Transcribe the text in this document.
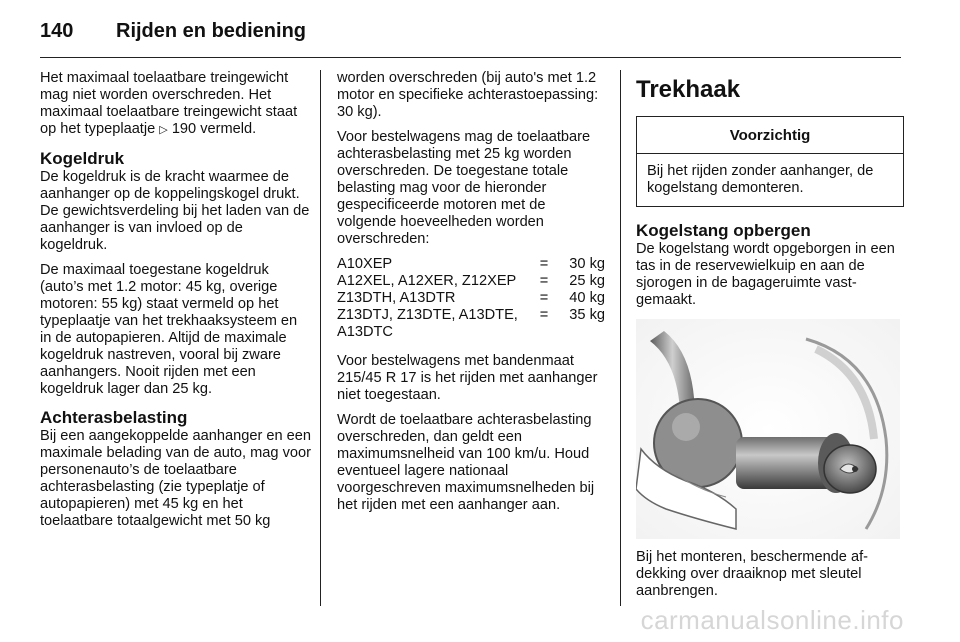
140 Rijden en bediening

Het maximaal toelaatbare treingewicht mag niet worden overschreden. Het maximaal toelaatbare treingewicht staat op het typeplaatje ▷ 190 vermeld.

Kogeldruk

De kogeldruk is de kracht waarmee de aanhanger op de koppelingskogel drukt. De gewichtsverdeling bij het laden van de aanhanger is van invloed op de kogeldruk.

De maximaal toegestane kogeldruk (auto’s met 1.2 motor: 45 kg, overige motoren: 55 kg) staat vermeld op het typeplaatje van het trekhaaksysteem en in de autopapieren. Altijd de maximale kogeldruk nastreven, vooral bij zware aanhangers. Nooit rijden met een kogeldruk lager dan 25 kg.

Achterasbelasting

Bij een aangekoppelde aanhanger en een maximale belading van de auto, mag voor personenauto’s de toelaatbare achterasbelasting (zie typeplatje of autopapieren) met 45 kg en het toelaatbare totaalgewicht met 50 kg

worden overschreden (bij auto's met 1.2 motor en specifieke achterastoepassing: 30 kg).

Voor bestelwagens mag de toelaatbare achterasbelasting met 25 kg worden overschreden. De toegestane totale belasting mag voor de hieronder gespecificeerde motoren met de volgende hoeveelheden worden overschreden:

A10XEP	=	30 kg
A12XEL, A12XER, Z12XEP	=	25 kg
Z13DTH, A13DTR	=	40 kg
Z13DTJ, Z13DTE, A13DTE, A13DTC	=	35 kg

Voor bestelwagens met bandenmaat 215/45 R 17 is het rijden met aanhanger niet toegestaan.

Wordt de toelaatbare achterasbelasting overschreden, dan geldt een maximumsnelheid van 100 km/u. Houd eventueel lagere nationaal voorgeschreven maximumsnelheden bij het rijden met een aanhanger aan.

Trekhaak
Voorzichtig
Bij het rijden zonder aanhanger, de kogelstang demonteren.
Kogelstang opbergen

De kogelstang wordt opgeborgen in een tas in de reservewielkuip en aan de sjorogen in de bagageruimte vastgemaakt.

Bij het monteren, beschermende afdekking over draaiknop met sleutel aanbrengen.

carmanualsonline.info
